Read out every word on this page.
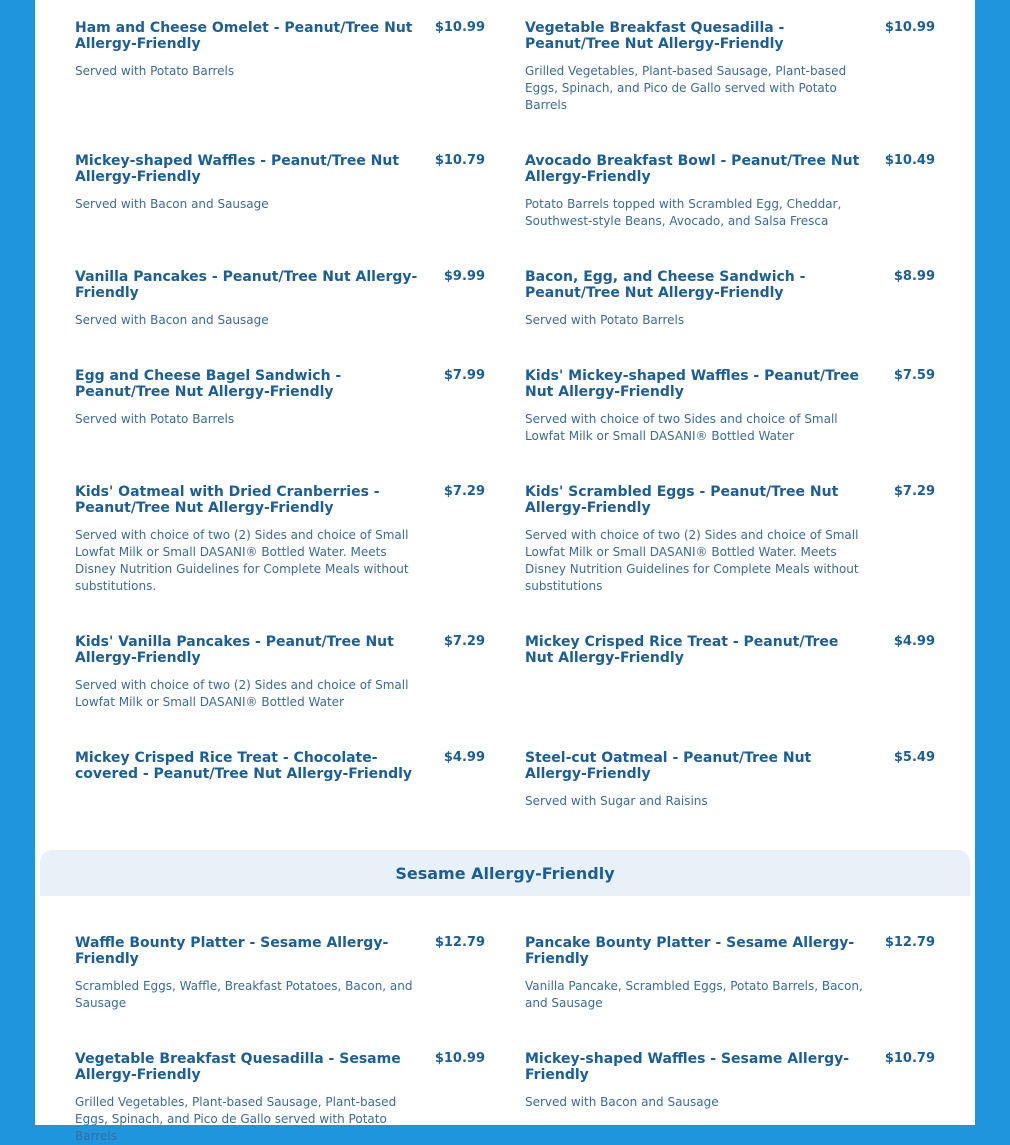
Ham and Cheese Omelet - Peanut/Tree Nut Allergy-Friendly
$10.99

Served with Potato Barrels

Vegetable Breakfast Quesadilla - Peanut/Tree Nut Allergy-Friendly
$10.99

Grilled Vegetables, Plant-based Sausage, Plant-based Eggs, Spinach, and Pico de Gallo served with Potato Barrels

Mickey-shaped Waffles - Peanut/Tree Nut Allergy-Friendly
$10.79

Served with Bacon and Sausage

Avocado Breakfast Bowl - Peanut/Tree Nut Allergy-Friendly
$10.49

Potato Barrels topped with Scrambled Egg, Cheddar, Southwest-style Beans, Avocado, and Salsa Fresca

Vanilla Pancakes - Peanut/Tree Nut Allergy-Friendly
$9.99

Served with Bacon and Sausage

Bacon, Egg, and Cheese Sandwich - Peanut/Tree Nut Allergy-Friendly
$8.99

Served with Potato Barrels

Egg and Cheese Bagel Sandwich - Peanut/Tree Nut Allergy-Friendly
$7.99

Served with Potato Barrels

Kids' Mickey-shaped Waffles - Peanut/Tree Nut Allergy-Friendly
$7.59

Served with choice of two Sides and choice of Small Lowfat Milk or Small DASANI® Bottled Water

Kids' Oatmeal with Dried Cranberries - Peanut/Tree Nut Allergy-Friendly
$7.29

Served with choice of two (2) Sides and choice of Small Lowfat Milk or Small DASANI® Bottled Water. Meets Disney Nutrition Guidelines for Complete Meals without substitutions.

Kids' Scrambled Eggs - Peanut/Tree Nut Allergy-Friendly
$7.29

Served with choice of two (2) Sides and choice of Small Lowfat Milk or Small DASANI® Bottled Water. Meets Disney Nutrition Guidelines for Complete Meals without substitutions

Kids' Vanilla Pancakes - Peanut/Tree Nut Allergy-Friendly
$7.29

Served with choice of two (2) Sides and choice of Small Lowfat Milk or Small DASANI® Bottled Water

Mickey Crisped Rice Treat - Peanut/Tree Nut Allergy-Friendly
$4.99

Mickey Crisped Rice Treat - Chocolate-covered - Peanut/Tree Nut Allergy-Friendly
$4.99	Steel-cut Oatmeal - Peanut/Tree Nut Allergy-Friendly
$5.49

Served with Sugar and Raisins

Sesame Allergy-Friendly
Waffle Bounty Platter - Sesame Allergy-Friendly
$12.79

Scrambled Eggs, Waffle, Breakfast Potatoes, Bacon, and Sausage

Pancake Bounty Platter - Sesame Allergy-Friendly
$12.79

Vanilla Pancake, Scrambled Eggs, Potato Barrels, Bacon, and Sausage

Vegetable Breakfast Quesadilla - Sesame Allergy-Friendly
$10.99

Grilled Vegetables, Plant-based Sausage, Plant-based Eggs, Spinach, and Pico de Gallo served with Potato Barrels

Mickey-shaped Waffles - Sesame Allergy-Friendly
$10.79

Served with Bacon and Sausage
